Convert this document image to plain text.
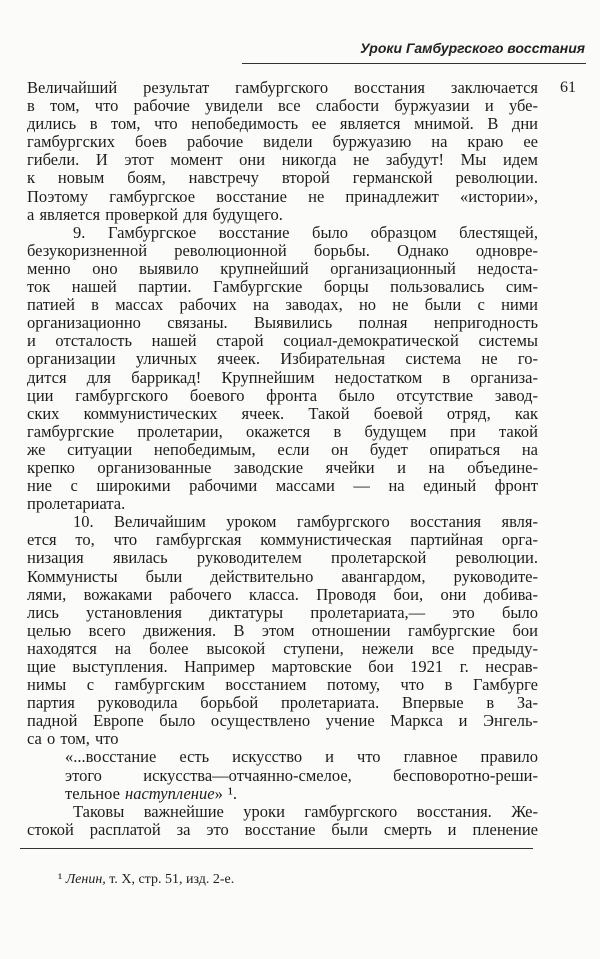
Уроки Гамбургского восстания
61
Величайший результат гамбургского восстания заключается
в том, что рабочие увидели все слабости буржуазии и убе-
дились в том, что непобедимость ее является мнимой. В дни
гамбургских боев рабочие видели буржуазию на краю ее
гибели. И этот момент они никогда не забудут! Мы идем
к новым боям, навстречу второй германской революции.
Поэтому гамбургское восстание не принадлежит «истории»,
а является проверкой для будущего.
9. Гамбургское восстание было образцом блестящей,
безукоризненной революционной борьбы. Однако одновре-
менно оно выявило крупнейший организационный недоста-
ток нашей партии. Гамбургские борцы пользовались сим-
патией в массах рабочих на заводах, но не были с ними
организационно связаны. Выявились полная непригодность
и отсталость нашей старой социал-демократической системы
организации уличных ячеек. Избирательная система не го-
дится для баррикад! Крупнейшим недостатком в организа-
ции гамбургского боевого фронта было отсутствие завод-
ских коммунистических ячеек. Такой боевой отряд, как
гамбургские пролетарии, окажется в будущем при такой
же ситуации непобедимым, если он будет опираться на
крепко организованные заводские ячейки и на объедине-
ние с широкими рабочими массами — на единый фронт
пролетариата.
10. Величайшим уроком гамбургского восстания явля-
ется то, что гамбургская коммунистическая партийная орга-
низация явилась руководителем пролетарской революции.
Коммунисты были действительно авангардом, руководите-
лями, вожаками рабочего класса. Проводя бои, они добива-
лись установления диктатуры пролетариата,— это было
целью всего движения. В этом отношении гамбургские бои
находятся на более высокой ступени, нежели все предыду-
щие выступления. Например мартовские бои 1921 г. несрав-
нимы с гамбургским восстанием потому, что в Гамбурге
партия руководила борьбой пролетариата. Впервые в За-
падной Европе было осуществлено учение Маркса и Энгель-
са о том, что
«...восстание есть искусство и что главное правило
этого искусства—отчаянно-смелое, бесповоротно-реши-
тельное наступление» ¹.
Таковы важнейшие уроки гамбургского восстания. Же-
стокой расплатой за это восстание были смерть и пленение
¹ Ленин, т. X, стр. 51, изд. 2-е.
